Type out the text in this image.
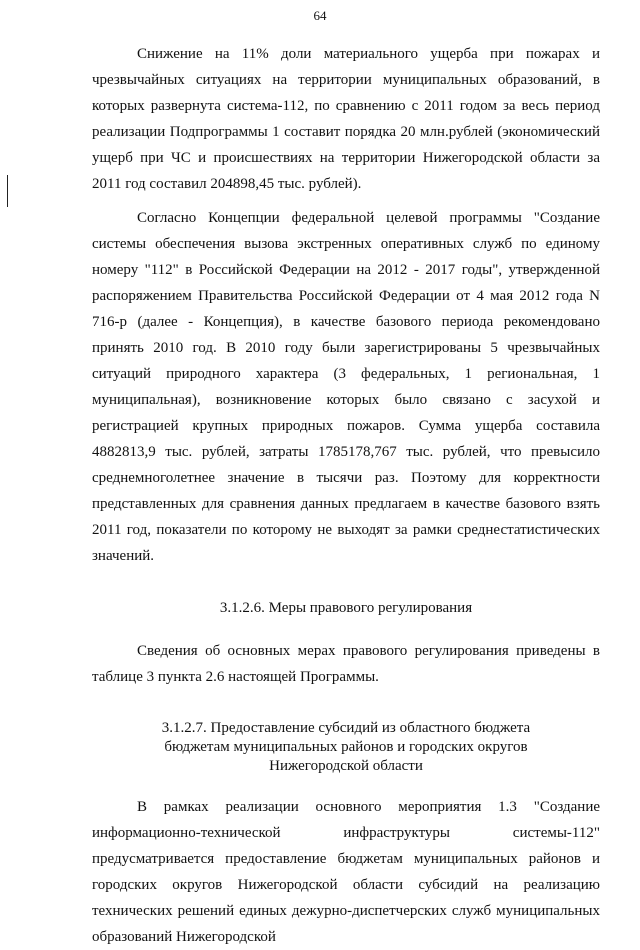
64

Снижение на 11% доли материального ущерба при пожарах и чрезвычайных ситуациях на территории муниципальных образований, в которых развернута система-112, по сравнению с 2011 годом за весь период реализации Подпрограммы 1 составит порядка 20 млн.рублей (экономический ущерб при ЧС и происшествиях на территории Нижегородской области за 2011 год составил 204898,45 тыс. рублей).

Согласно Концепции федеральной целевой программы "Создание системы обеспечения вызова экстренных оперативных служб по единому номеру "112" в Российской Федерации на 2012 - 2017 годы", утвержденной распоряжением Правительства Российской Федерации от 4 мая 2012 года N 716-р (далее - Концепция), в качестве базового периода рекомендовано принять 2010 год. В 2010 году были зарегистрированы 5 чрезвычайных ситуаций природного характера (3 федеральных, 1 региональная, 1 муниципальная), возникновение которых было связано с засухой и регистрацией крупных природных пожаров. Сумма ущерба составила 4882813,9 тыс. рублей, затраты 1785178,767 тыс. рублей, что превысило среднемноголетнее значение в тысячи раз. Поэтому для корректности представленных для сравнения данных предлагаем в качестве базового взять 2011 год, показатели по которому не выходят за рамки среднестатистических значений.

3.1.2.6. Меры правового регулирования

Сведения об основных мерах правового регулирования приведены в таблице 3 пункта 2.6 настоящей Программы.

3.1.2.7. Предоставление субсидий из областного бюджета
бюджетам муниципальных районов и городских округов
Нижегородской области

В рамках реализации основного мероприятия 1.3 "Создание информационно-технической инфраструктуры системы-112" предусматривается предоставление бюджетам муниципальных районов и городских округов Нижегородской области субсидий на реализацию технических решений единых дежурно-диспетчерских служб муниципальных образований Нижегородской
